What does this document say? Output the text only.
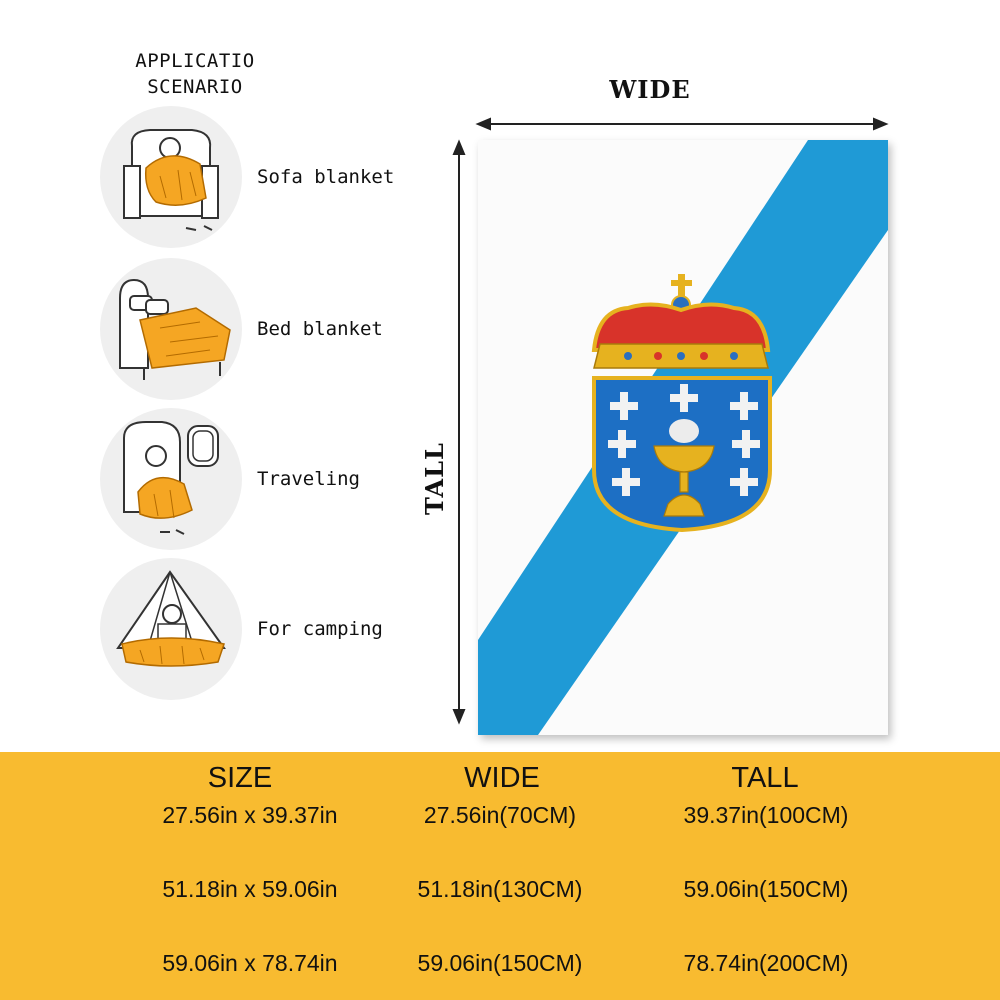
APPLICATIO
SCENARIO
Sofa blanket
Bed blanket
Traveling
For camping
WIDE
TALL
SIZE	WIDE	TALL
27.56in x 39.37in	27.56in(70CM)	39.37in(100CM)
51.18in x 59.06in	51.18in(130CM)	59.06in(150CM)
59.06in x 78.74in	59.06in(150CM)	78.74in(200CM)
